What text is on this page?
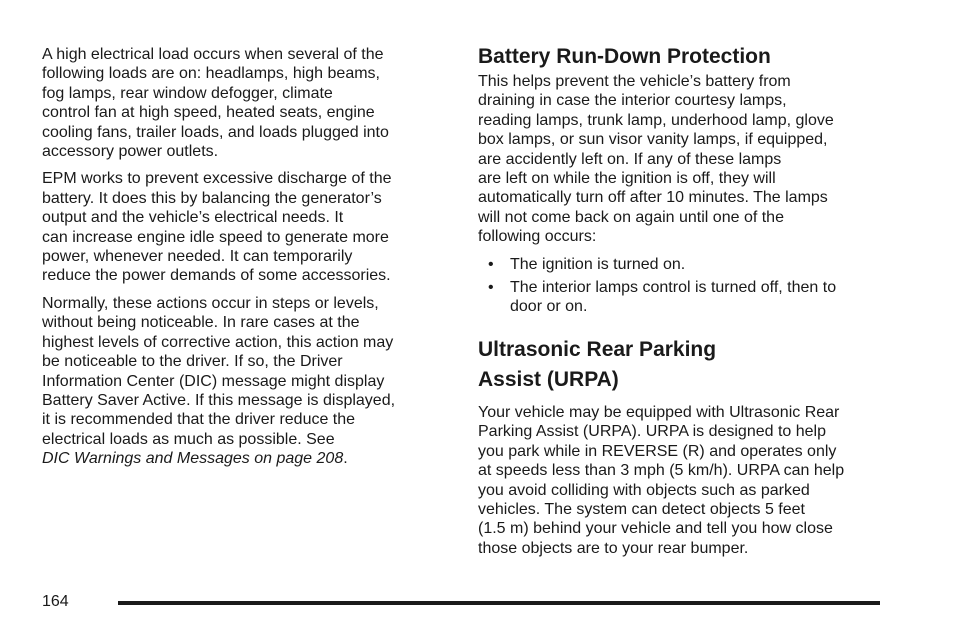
A high electrical load occurs when several of the
following loads are on: headlamps, high beams,
fog lamps, rear window defogger, climate
control fan at high speed, heated seats, engine
cooling fans, trailer loads, and loads plugged into
accessory power outlets.

EPM works to prevent excessive discharge of the
battery. It does this by balancing the generator’s
output and the vehicle’s electrical needs. It
can increase engine idle speed to generate more
power, whenever needed. It can temporarily
reduce the power demands of some accessories.

Normally, these actions occur in steps or levels,
without being noticeable. In rare cases at the
highest levels of corrective action, this action may
be noticeable to the driver. If so, the Driver
Information Center (DIC) message might display
Battery Saver Active. If this message is displayed,
it is recommended that the driver reduce the
electrical loads as much as possible. See
DIC Warnings and Messages on page 208.

Battery Run-Down Protection

This helps prevent the vehicle’s battery from
draining in case the interior courtesy lamps,
reading lamps, trunk lamp, underhood lamp, glove
box lamps, or sun visor vanity lamps, if equipped,
are accidently left on. If any of these lamps
are left on while the ignition is off, they will
automatically turn off after 10 minutes. The lamps
will not come back on again until one of the
following occurs:

• The ignition is turned on.
• The interior lamps control is turned off, then to
door or on.
Ultrasonic Rear Parking
Assist (URPA)

Your vehicle may be equipped with Ultrasonic Rear
Parking Assist (URPA). URPA is designed to help
you park while in REVERSE (R) and operates only
at speeds less than 3 mph (5 km/h). URPA can help
you avoid colliding with objects such as parked
vehicles. The system can detect objects 5 feet
(1.5 m) behind your vehicle and tell you how close
those objects are to your rear bumper.

164
